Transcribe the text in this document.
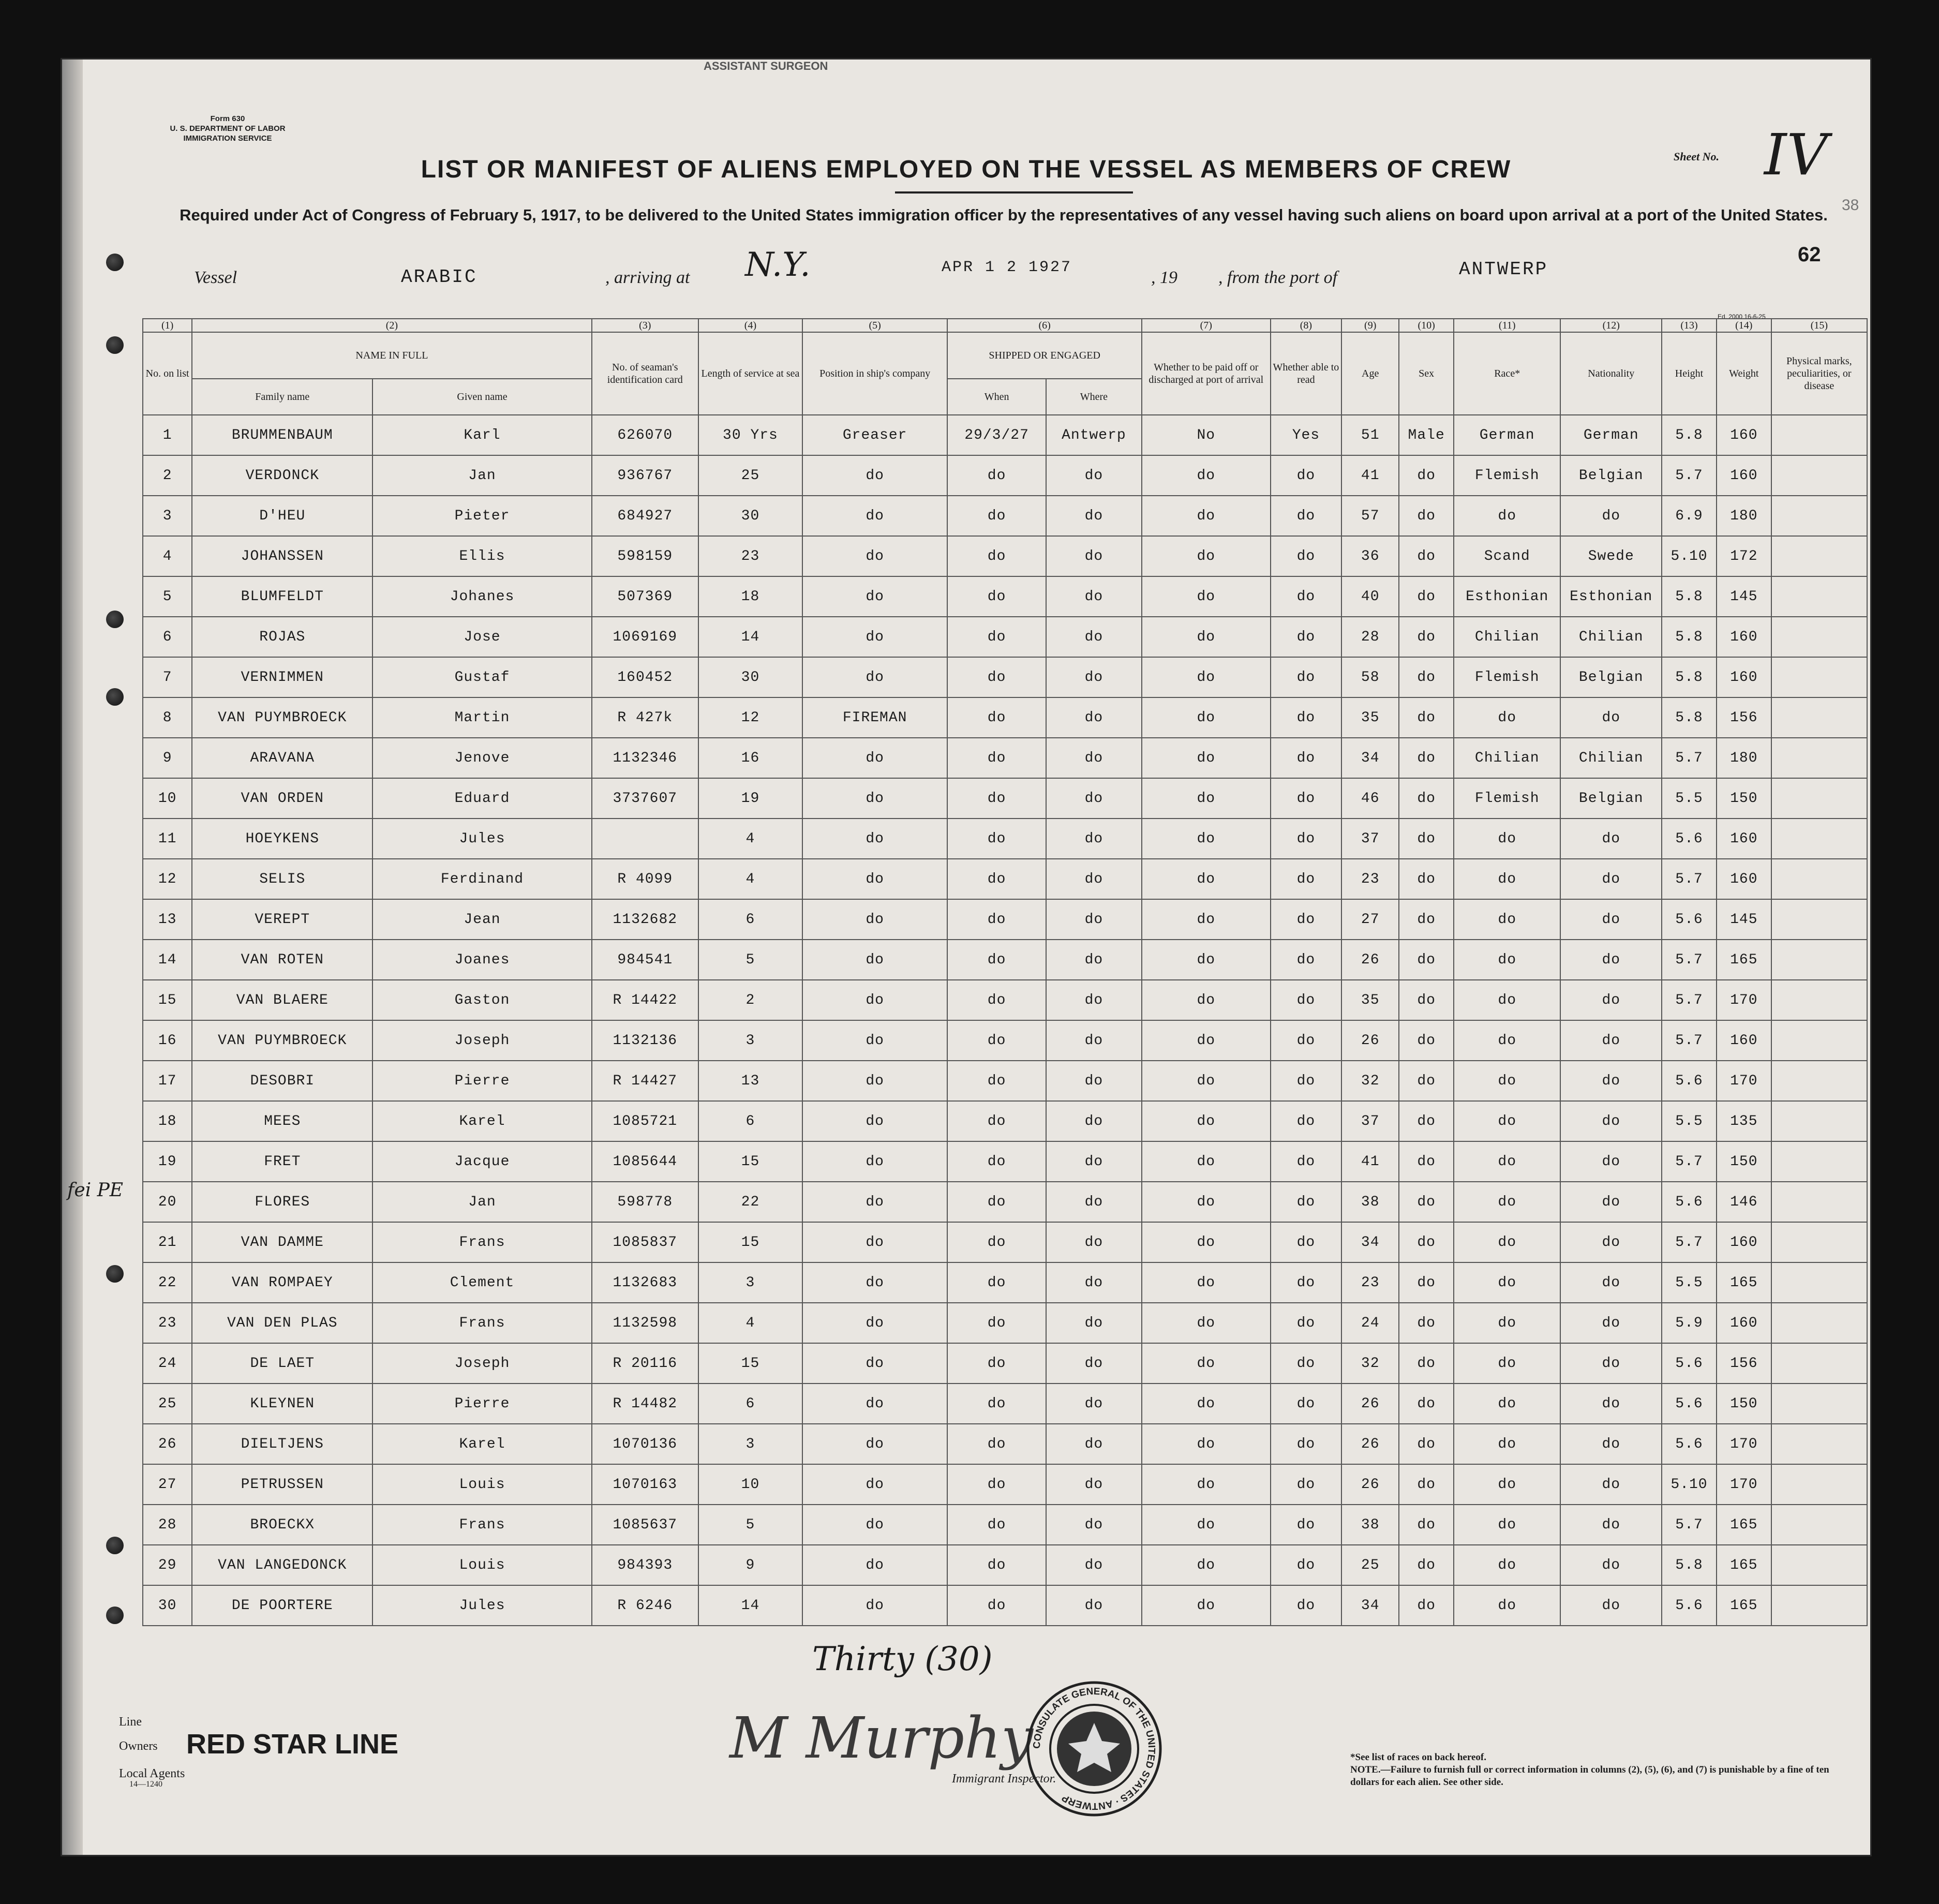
ASSISTANT SURGEON
Form 630
U. S. DEPARTMENT OF LABOR
IMMIGRATION SERVICE
Sheet No. IV
LIST OR MANIFEST OF ALIENS EMPLOYED ON THE VESSEL AS MEMBERS OF CREW
Required under Act of Congress of February 5, 1917, to be delivered to the United States immigration officer by the representatives of any vessel having such aliens on board upon arrival at a port of the United States.
62
38
Vessel	ARABIC	, arriving at N.Y.	APR 1 2 1927
, 19 , from the port of	ANTWERP
Ed. 2000 16-6-25
(1)	(2)		(3)	(4)	(5)	(6)		(7)	(8)	(9)	(10)	(11)	(12)	(13)	(14)	(15)
No. on list	NAME IN FULL		No. of seaman's identification card	Length of service at sea	Position in ship's company	SHIPPED OR ENGAGED		Whether to be paid off or discharged at port of arrival	Whether able to read	Age	Sex	Race*	Nationality	Height	Weight	Physical marks, peculiarities, or disease
	Family name	Given name				When	Where									
1	BRUMMENBAUM	Karl	626070	30 Yrs	Greaser	29/3/27	Antwerp	No	Yes	51	Male	German	German	5.8	160	
2	VERDONCK	Jan	936767	25	do	do	do	do	do	41	do	Flemish	Belgian	5.7	160	
3	D'HEU	Pieter	684927	30	do	do	do	do	do	57	do	do	do	6.9	180	
4	JOHANSSEN	Ellis	598159	23	do	do	do	do	do	36	do	Scand	Swede	5.10	172	
5	BLUMFELDT	Johanes	507369	18	do	do	do	do	do	40	do	Esthonian	Esthonian	5.8	145	
6	ROJAS	Jose	1069169	14	do	do	do	do	do	28	do	Chilian	Chilian	5.8	160	
7	VERNIMMEN	Gustaf	160452	30	do	do	do	do	do	58	do	Flemish	Belgian	5.8	160	
8	VAN PUYMBROECK	Martin	R 427k	12	FIREMAN	do	do	do	do	35	do	do	do	5.8	156	
9	ARAVANA	Jenove	1132346	16	do	do	do	do	do	34	do	Chilian	Chilian	5.7	180	
10	VAN ORDEN	Eduard	3737607	19	do	do	do	do	do	46	do	Flemish	Belgian	5.5	150	
11	HOEYKENS	Jules		4	do	do	do	do	do	37	do	do	do	5.6	160	
12	SELIS	Ferdinand	R 4099	4	do	do	do	do	do	23	do	do	do	5.7	160	
13	VEREPT	Jean	1132682	6	do	do	do	do	do	27	do	do	do	5.6	145	
14	VAN ROTEN	Joanes	984541	5	do	do	do	do	do	26	do	do	do	5.7	165	
15	VAN BLAERE	Gaston	R 14422	2	do	do	do	do	do	35	do	do	do	5.7	170	
16	VAN PUYMBROECK	Joseph	1132136	3	do	do	do	do	do	26	do	do	do	5.7	160	
17	DESOBRI	Pierre	R 14427	13	do	do	do	do	do	32	do	do	do	5.6	170	
18	MEES	Karel	1085721	6	do	do	do	do	do	37	do	do	do	5.5	135	
19	FRET	Jacque	1085644	15	do	do	do	do	do	41	do	do	do	5.7	150	
20	FLORES	Jan	598778	22	do	do	do	do	do	38	do	do	do	5.6	146	
21	VAN DAMME	Frans	1085837	15	do	do	do	do	do	34	do	do	do	5.7	160	
22	VAN ROMPAEY	Clement	1132683	3	do	do	do	do	do	23	do	do	do	5.5	165	
23	VAN DEN PLAS	Frans	1132598	4	do	do	do	do	do	24	do	do	do	5.9	160	
24	DE LAET	Joseph	R 20116	15	do	do	do	do	do	32	do	do	do	5.6	156	
25	KLEYNEN	Pierre	R 14482	6	do	do	do	do	do	26	do	do	do	5.6	150	
26	DIELTJENS	Karel	1070136	3	do	do	do	do	do	26	do	do	do	5.6	170	
27	PETRUSSEN	Louis	1070163	10	do	do	do	do	do	26	do	do	do	5.10	170	
28	BROECKX	Frans	1085637	5	do	do	do	do	do	38	do	do	do	5.7	165	
29	VAN LANGEDONCK	Louis	984393	9	do	do	do	do	do	25	do	do	do	5.8	165	
30	DE POORTERE	Jules	R 6246	14	do	do	do	do	do	34	do	do	do	5.6	165	
fei PE
Line
Owners RED STAR LINE
Local Agents
14—1240
Thirty (30)
M Murphy
Immigrant Inspector.
CONSULATE GENERAL OF THE UNITED STATES · ANTWERP
*See list of races on back hereof.
NOTE.—Failure to furnish full or correct information in columns (2), (5), (6), and (7) is punishable by a fine of ten dollars for each alien. See other side.
